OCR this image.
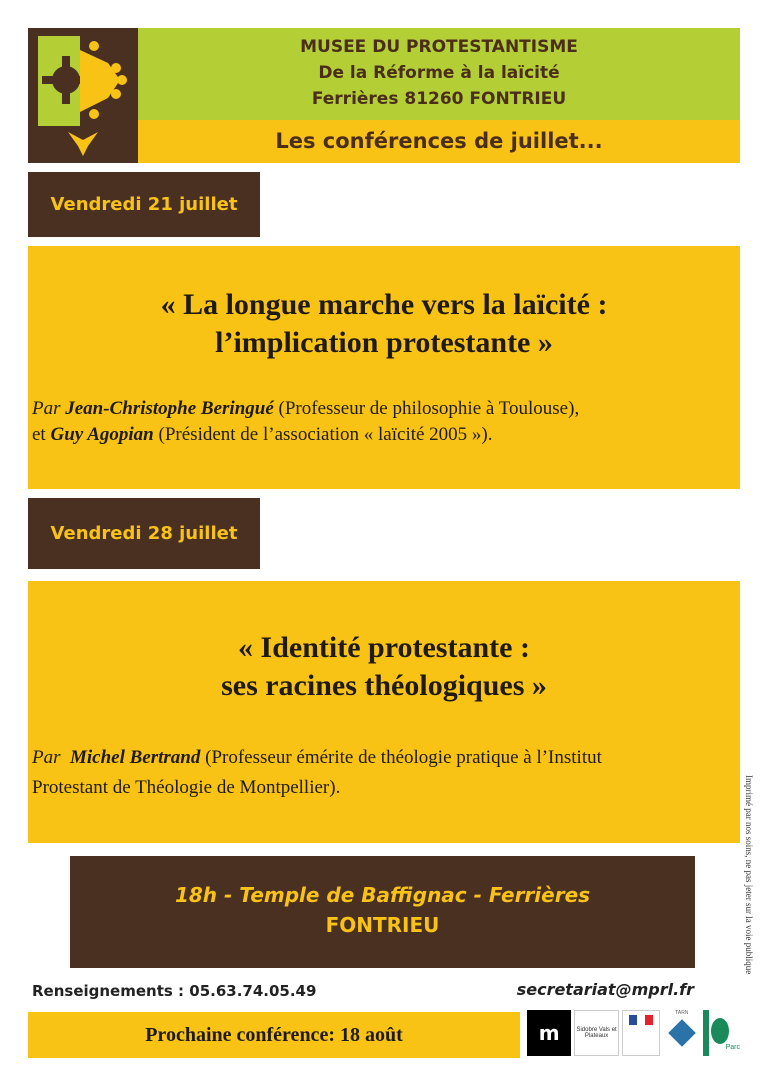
MUSEE DU PROTESTANTISME
De la Réforme à la laïcité
Ferrières 81260 FONTRIEU
Les conférences de juillet...
Vendredi 21 juillet
« La longue marche vers la laïcité :
l’implication protestante »
Par Jean-Christophe Beringué (Professeur de philosophie à Toulouse),
et Guy Agopian (Président de l’association « laïcité 2005 »).
Vendredi 28 juillet
« Identité protestante :
ses racines théologiques »
Par Michel Bertrand (Professeur émérite de théologie pratique à l’Institut
Protestant de Théologie de Montpellier).
18h - Temple de Baffignac - Ferrières
FONTRIEU
Renseignements : 05.63.74.05.49	secretariat@mprl.fr
Prochaine conférence: 18 août	m	Sidobre Vals et Plateaux
TARN
Parc
Imprimé par nos soins, ne pas jeter sur la voie publique
